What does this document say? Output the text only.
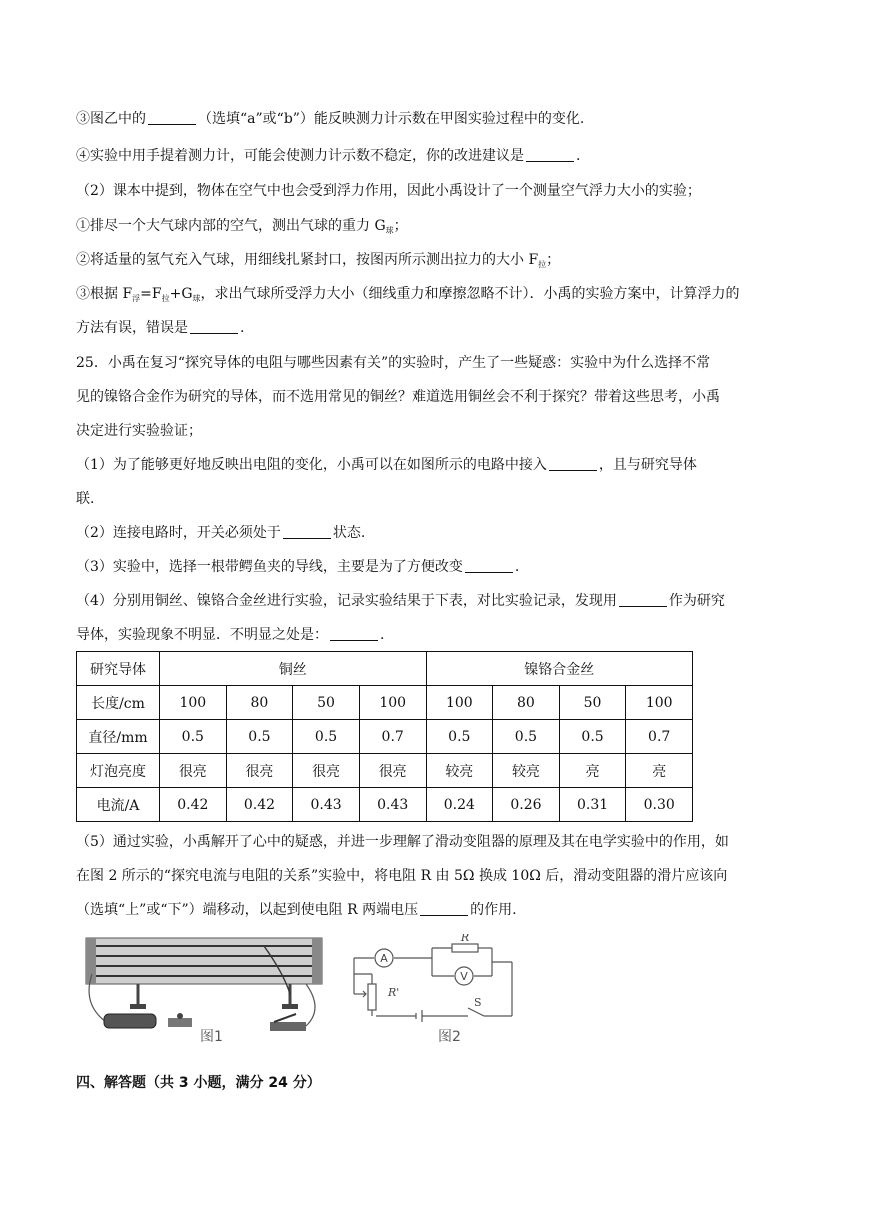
③图乙中的	（选填“a”或“b”）能反映测力计示数在甲图实验过程中的变化.
④实验中用手提着测力计，可能会使测力计示数不稳定，你的改进建议是	.
（2）课本中提到，物体在空气中也会受到浮力作用，因此小禹设计了一个测量空气浮力大小的实验；
①排尽一个大气球内部的空气，测出气球的重力 $G_球$；
②将适量的氢气充入气球，用细线扎紧封口，按图丙所示测出拉力的大小 $F_拉$；
③根据 $F_浮=F_拉+G_球$，求出气球所受浮力大小（细线重力和摩擦忽略不计）．小禹的实验方案中，计算浮力的
方法有误，错误是	.
25．小禹在复习“探究导体的电阻与哪些因素有关”的实验时，产生了一些疑惑：实验中为什么选择不常
见的镍铬合金作为研究的导体，而不选用常见的铜丝？难道选用铜丝会不利于探究？带着这些思考，小禹
决定进行实验验证；
（1）为了能够更好地反映出电阻的变化，小禹可以在如图所示的电路中接入	，且与研究导体
联.
（2）连接电路时，开关必须处于	状态.
（3）实验中，选择一根带鳄鱼夹的导线，主要是为了方便改变	.
（4）分别用铜丝、镍铬合金丝进行实验，记录实验结果于下表，对比实验记录，发现用	作为研究
导体，实验现象不明显．不明显之处是：	.
研究导体	铜丝				镍铬合金丝			
长度/cm	100	80	50	100	100	80	50	100
直径/mm	0.5	0.5	0.5	0.7	0.5	0.5	0.5	0.7
灯泡亮度	很亮	很亮	很亮	很亮	较亮	较亮	亮	亮
电流/A	0.42	0.42	0.43	0.43	0.24	0.26	0.31	0.30
（5）通过实验，小禹解开了心中的疑惑，并进一步理解了滑动变阻器的原理及其在电学实验中的作用，如
在图 2 所示的“探究电流与电阻的关系”实验中，将电阻 R 由 5Ω 换成 10Ω 后，滑动变阻器的滑片应该向
（选填“上”或“下”）端移动，以起到使电阻 R 两端电压	的作用.
图1
A
V
R
R'
S
图2
四、解答题（共 3 小题，满分 24 分）
